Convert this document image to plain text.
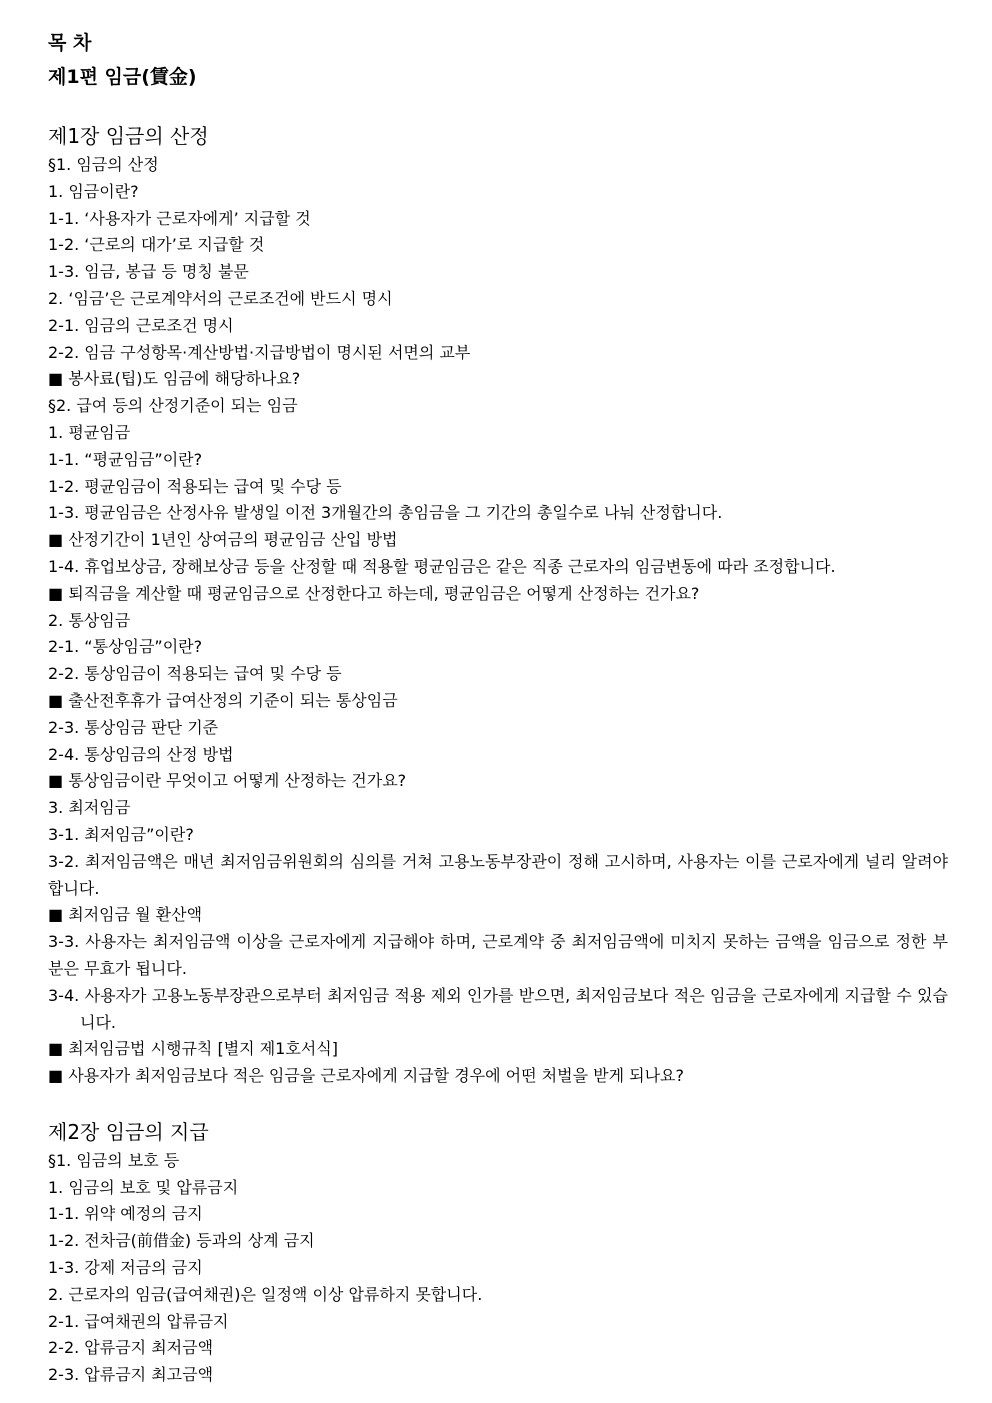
목 차

제1편 임금(賃金)

제1장 임금의 산정

§1. 임금의 산정

1. 임금이란?

1-1. ‘사용자가 근로자에게’ 지급할 것

1-2. ‘근로의 대가’로 지급할 것

1-3. 임금, 봉급 등 명칭 불문

2. ‘임금’은 근로계약서의 근로조건에 반드시 명시

2-1. 임금의 근로조건 명시

2-2. 임금 구성항목·계산방법·지급방법이 명시된 서면의 교부

■ 봉사료(팁)도 임금에 해당하나요?

§2. 급여 등의 산정기준이 되는 임금

1. 평균임금

1-1. “평균임금”이란?

1-2. 평균임금이 적용되는 급여 및 수당 등

1-3. 평균임금은 산정사유 발생일 이전 3개월간의 총임금을 그 기간의 총일수로 나눠 산정합니다.

■ 산정기간이 1년인 상여금의 평균임금 산입 방법

1-4. 휴업보상금, 장해보상금 등을 산정할 때 적용할 평균임금은 같은 직종 근로자의 임금변동에 따라 조정합니다.

■ 퇴직금을 계산할 때 평균임금으로 산정한다고 하는데, 평균임금은 어떻게 산정하는 건가요?

2. 통상임금

2-1. “통상임금”이란?

2-2. 통상임금이 적용되는 급여 및 수당 등

■ 출산전후휴가 급여산정의 기준이 되는 통상임금

2-3. 통상임금 판단 기준

2-4. 통상임금의 산정 방법

■ 통상임금이란 무엇이고 어떻게 산정하는 건가요?

3. 최저임금

3-1. 최저임금”이란?

3-2. 최저임금액은 매년 최저임금위원회의 심의를 거쳐 고용노동부장관이 정해 고시하며, 사용자는 이를 근로자에게 널리 알려야 합니다.

■ 최저임금 월 환산액

3-3. 사용자는 최저임금액 이상을 근로자에게 지급해야 하며, 근로계약 중 최저임금액에 미치지 못하는 금액을 임금으로 정한 부분은 무효가 됩니다.

3-4. 사용자가 고용노동부장관으로부터 최저임금 적용 제외 인가를 받으면, 최저임금보다 적은 임금을 근로자에게 지급할 수 있습니다.

■ 최저임금법 시행규칙 [별지 제1호서식]

■ 사용자가 최저임금보다 적은 임금을 근로자에게 지급할 경우에 어떤 처벌을 받게 되나요?

제2장 임금의 지급

§1. 임금의 보호 등

1. 임금의 보호 및 압류금지

1-1. 위약 예정의 금지

1-2. 전차금(前借金) 등과의 상계 금지

1-3. 강제 저금의 금지

2. 근로자의 임금(급여채권)은 일정액 이상 압류하지 못합니다.

2-1. 급여채권의 압류금지

2-2. 압류금지 최저금액

2-3. 압류금지 최고금액
